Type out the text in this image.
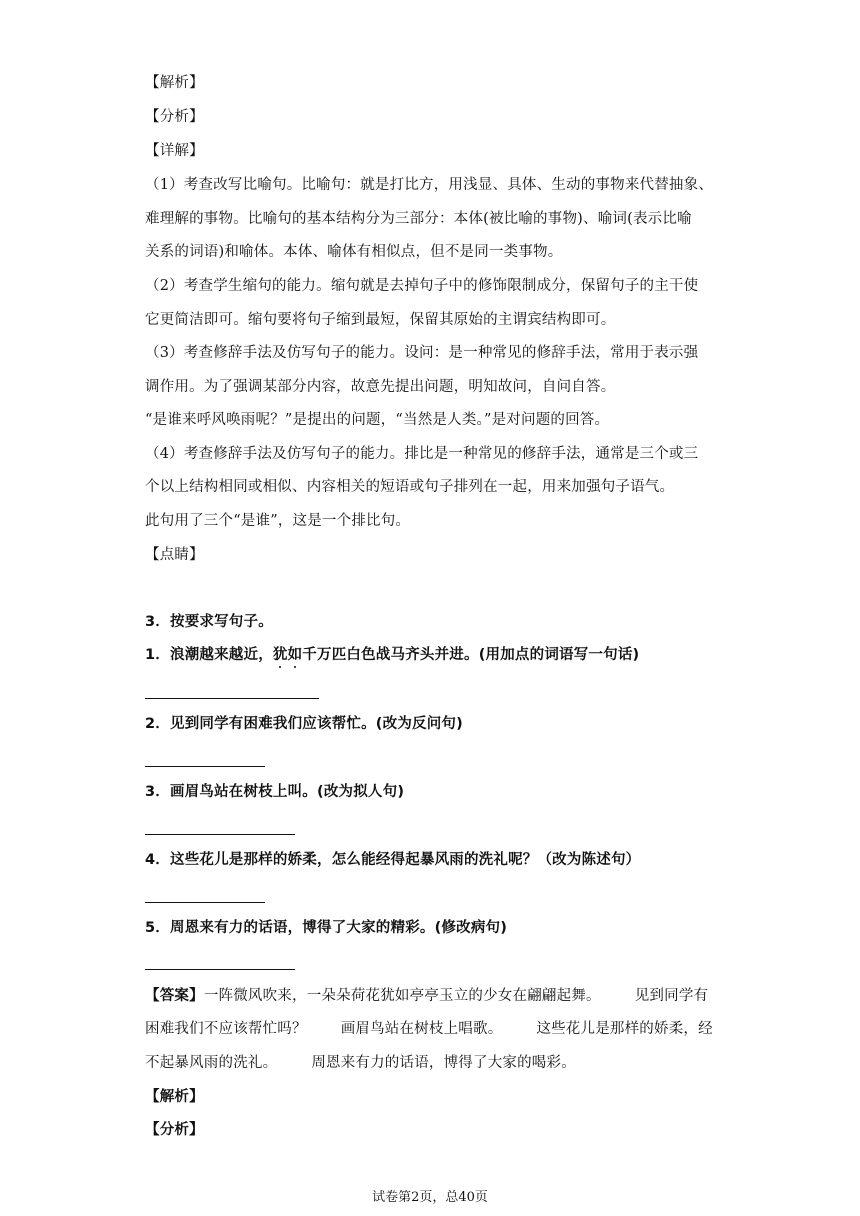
【解析】
【分析】
【详解】
（1）考查改写比喻句。比喻句：就是打比方，用浅显、具体、生动的事物来代替抽象、
难理解的事物。比喻句的基本结构分为三部分：本体(被比喻的事物)、喻词(表示比喻
关系的词语)和喻体。本体、喻体有相似点，但不是同一类事物。
（2）考查学生缩句的能力。缩句就是去掉句子中的修饰限制成分，保留句子的主干使
它更简洁即可。缩句要将句子缩到最短，保留其原始的主谓宾结构即可。
（3）考查修辞手法及仿写句子的能力。设问：是一种常见的修辞手法，常用于表示强
调作用。为了强调某部分内容，故意先提出问题，明知故问，自问自答。
“是谁来呼风唤雨呢？”是提出的问题，“当然是人类。”是对问题的回答。
（4）考查修辞手法及仿写句子的能力。排比是一种常见的修辞手法，通常是三个或三
个以上结构相同或相似、内容相关的短语或句子排列在一起，用来加强句子语气。
此句用了三个“是谁”，这是一个排比句。
【点睛】
3．按要求写句子。
1．浪潮越来越近，犹如千万匹白色战马齐头并进。(用加点的词语写一句话)
2．见到同学有困难我们应该帮忙。(改为反问句)
3．画眉鸟站在树枝上叫。(改为拟人句)
4．这些花儿是那样的娇柔，怎么能经得起暴风雨的洗礼呢？（改为陈述句）
5．周恩来有力的话语，博得了大家的精彩。(修改病句)
【答案】一阵微风吹来，一朵朵荷花犹如亭亭玉立的少女在翩翩起舞。 见到同学有
困难我们不应该帮忙吗？ 画眉鸟站在树枝上唱歌。 这些花儿是那样的娇柔，经
不起暴风雨的洗礼。 周恩来有力的话语，博得了大家的喝彩。
【解析】
【分析】
试卷第2页，总40页
